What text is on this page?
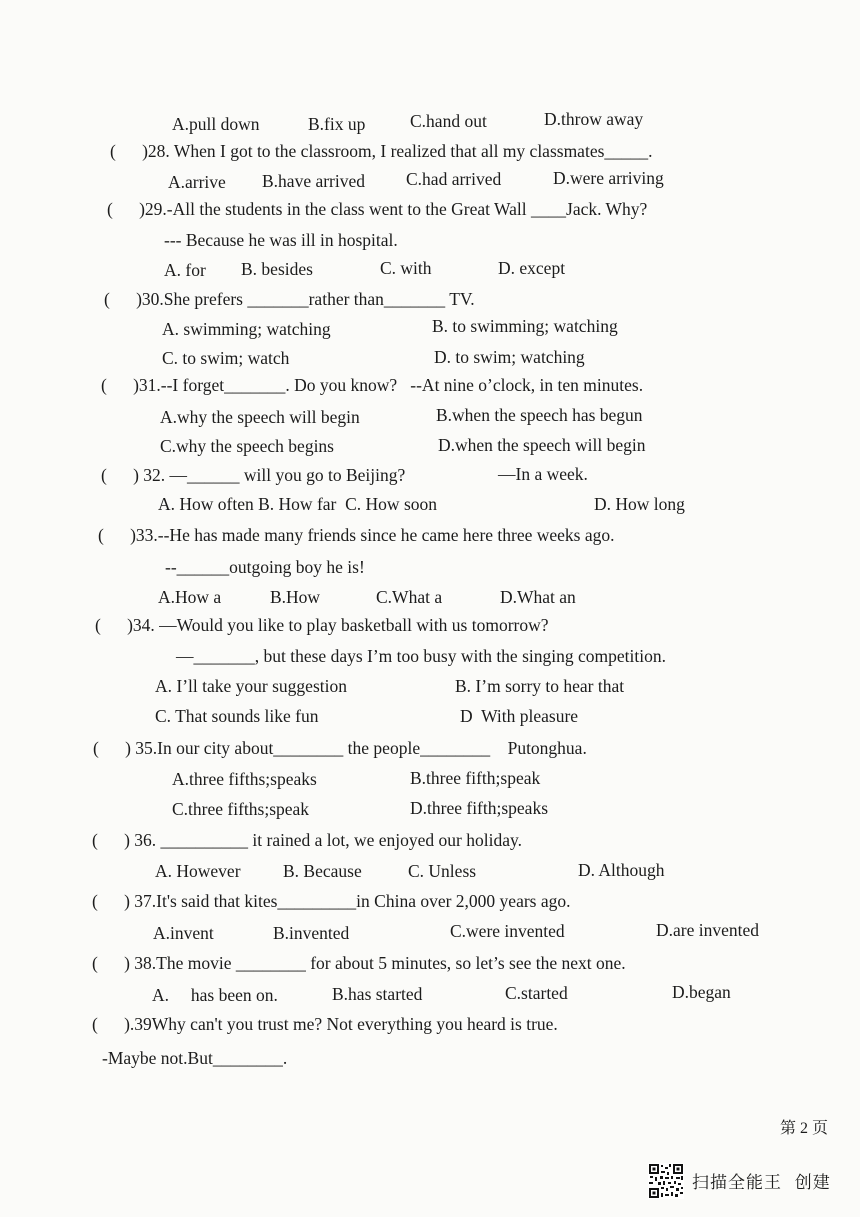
A.pull down	B.fix up	C.hand out	D.throw away
(      )28. When I got to the classroom, I realized that all my classmates_____.
A.arrive B.have arrived C.had arrived	D.were arriving
(      )29.-All the students in the class went to the Great Wall ____Jack. Why?
--- Because he was ill in hospital.
A. for B. besides	C. with	D. except
(      )30.She prefers _______rather than_______ TV.
A. swimming; watching	B. to swimming; watching
C. to swim; watch	D. to swim; watching
(      )31.--I forget_______. Do you know?   --At nine o’clock, in ten minutes.
A.why the speech will begin	B.when the speech has begun
C.why the speech begins	D.when the speech will begin
(      ) 32. —______ will you go to Beijing?	—In a week.
A. How often B. How far  C. How soon	D. How long
(      )33.--He has made many friends since he came here three weeks ago.
--______outgoing boy he is!
A.How a	B.How	C.What a	D.What an
(      )34. —Would you like to play basketball with us tomorrow?
—_______, but these days I’m too busy with the singing competition.
A. I’ll take your suggestion	B. I’m sorry to hear that
C. That sounds like fun	D  With pleasure
(      ) 35.In our city about________ the people________    Putonghua.
A.three fifths;speaks	B.three fifth;speak
C.three fifths;speak	D.three fifth;speaks
(      ) 36. __________ it rained a lot, we enjoyed our holiday.
A. However B. Because	C. Unless	D. Although
(      ) 37.It's said that kites_________in China over 2,000 years ago.
A.invent	B.invented	C.were invented	D.are invented
(      ) 38.The movie ________ for about 5 minutes, so let’s see the next one.
A.     has been on.	B.has started	C.started	D.began
(      ).39Why can't you trust me? Not everything you heard is true.
-Maybe not.But________.
第 2 页
扫描全能王  创建
